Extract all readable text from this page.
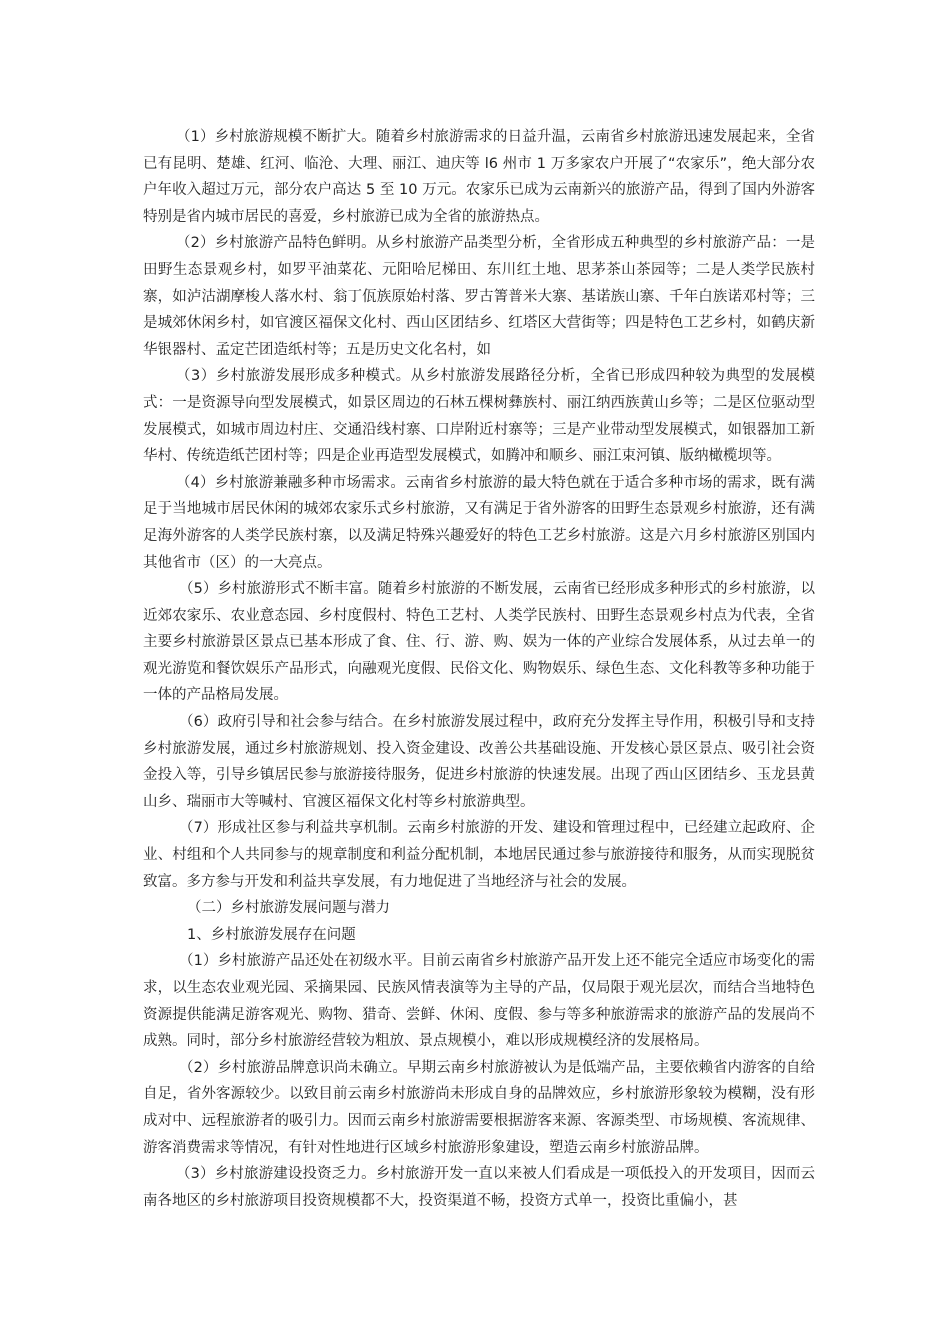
（1）乡村旅游规模不断扩大。随着乡村旅游需求的日益升温，云南省乡村旅游迅速发展起来，全省已有昆明、楚雄、红河、临沧、大理、丽江、迪庆等 l6 州市 1 万多家农户开展了“农家乐”，绝大部分农户年收入超过万元，部分农户高达 5 至 10 万元。农家乐已成为云南新兴的旅游产品，得到了国内外游客特别是省内城市居民的喜爱，乡村旅游已成为全省的旅游热点。

（2）乡村旅游产品特色鲜明。从乡村旅游产品类型分析，全省形成五种典型的乡村旅游产品：一是田野生态景观乡村，如罗平油菜花、元阳哈尼梯田、东川红土地、思茅茶山茶园等；二是人类学民族村寨，如泸沽湖摩梭人落水村、翁丁佤族原始村落、罗古箐普米大寨、基诺族山寨、千年白族诺邓村等；三是城郊休闲乡村，如官渡区福保文化村、西山区团结乡、红塔区大营街等；四是特色工艺乡村，如鹤庆新华银器村、孟定芒团造纸村等；五是历史文化名村，如

（3）乡村旅游发展形成多种模式。从乡村旅游发展路径分析，全省已形成四种较为典型的发展模式：一是资源导向型发展模式，如景区周边的石林五棵树彝族村、丽江纳西族黄山乡等；二是区位驱动型发展模式，如城市周边村庄、交通沿线村寨、口岸附近村寨等；三是产业带动型发展模式，如银器加工新华村、传统造纸芒团村等；四是企业再造型发展模式，如腾冲和顺乡、丽江束河镇、版纳橄榄坝等。

（4）乡村旅游兼融多种市场需求。云南省乡村旅游的最大特色就在于适合多种市场的需求，既有满足于当地城市居民休闲的城郊农家乐式乡村旅游，又有满足于省外游客的田野生态景观乡村旅游，还有满足海外游客的人类学民族村寨，以及满足特殊兴趣爱好的特色工艺乡村旅游。这是六月乡村旅游区别国内其他省市（区）的一大亮点。

（5）乡村旅游形式不断丰富。随着乡村旅游的不断发展，云南省已经形成多种形式的乡村旅游，以近郊农家乐、农业意态园、乡村度假村、特色工艺村、人类学民族村、田野生态景观乡村点为代表，全省主要乡村旅游景区景点已基本形成了食、住、行、游、购、娱为一体的产业综合发展体系，从过去单一的观光游览和餐饮娱乐产品形式，向融观光度假、民俗文化、购物娱乐、绿色生态、文化科教等多种功能于一体的产品格局发展。

（6）政府引导和社会参与结合。在乡村旅游发展过程中，政府充分发挥主导作用，积极引导和支持乡村旅游发展，通过乡村旅游规划、投入资金建设、改善公共基础设施、开发核心景区景点、吸引社会资金投入等，引导乡镇居民参与旅游接待服务，促进乡村旅游的快速发展。出现了西山区团结乡、玉龙县黄山乡、瑞丽市大等喊村、官渡区福保文化村等乡村旅游典型。

（7）形成社区参与利益共享机制。云南乡村旅游的开发、建设和管理过程中，已经建立起政府、企业、村组和个人共同参与的规章制度和利益分配机制，本地居民通过参与旅游接待和服务，从而实现脱贫致富。多方参与开发和利益共享发展，有力地促进了当地经济与社会的发展。

（二）乡村旅游发展问题与潜力

1、乡村旅游发展存在问题

（1）乡村旅游产品还处在初级水平。目前云南省乡村旅游产品开发上还不能完全适应市场变化的需求，以生态农业观光园、采摘果园、民族风情表演等为主导的产品，仅局限于观光层次，而结合当地特色资源提供能满足游客观光、购物、猎奇、尝鲜、休闲、度假、参与等多种旅游需求的旅游产品的发展尚不成熟。同时，部分乡村旅游经营较为粗放、景点规模小，难以形成规模经济的发展格局。

（2）乡村旅游品牌意识尚未确立。早期云南乡村旅游被认为是低端产品，主要依赖省内游客的自给自足，省外客源较少。以致目前云南乡村旅游尚未形成自身的品牌效应，乡村旅游形象较为模糊，没有形成对中、远程旅游者的吸引力。因而云南乡村旅游需要根据游客来源、客源类型、市场规模、客流规律、游客消费需求等情况，有针对性地进行区域乡村旅游形象建设，塑造云南乡村旅游品牌。

（3）乡村旅游建设投资乏力。乡村旅游开发一直以来被人们看成是一项低投入的开发项目，因而云南各地区的乡村旅游项目投资规模都不大，投资渠道不畅，投资方式单一，投资比重偏小，甚
